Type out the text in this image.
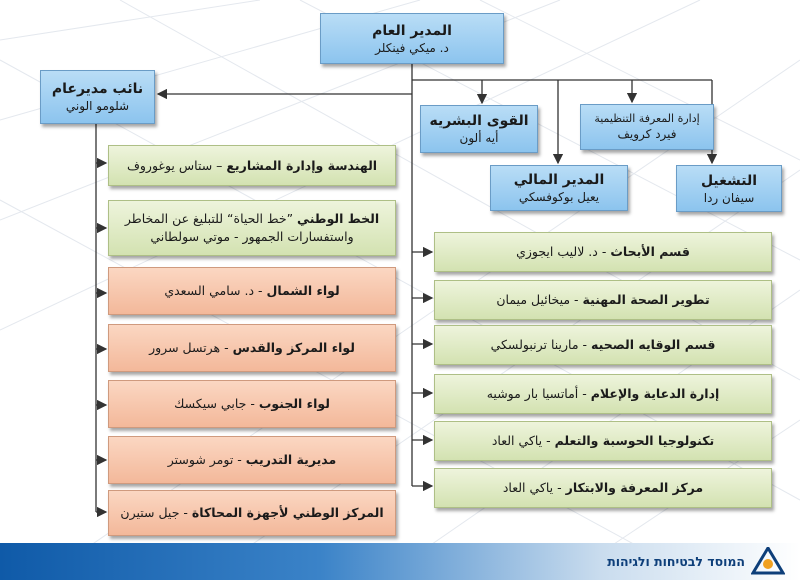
المدير العام
د. ميكي فينكلر
نائب مديرعام
شلومو الوني
القوى البشريه
أيه ألون
إدارة المعرفة التنظيمية
فيرد كرويف
المدير المالي
يعيل بوكوفسكي
التشغيل
سيفان ردا
الهندسة وإدارة المشاريع – ستاس يوغوروف
الخط الوطني ”خط الحياة“ للتبليغ عن المخاطر واستفسارات الجمهور - موتي سولطاني
لواء الشمال - د. سامي السعدي
لواء المركز والقدس - هرتسل سرور
لواء الجنوب - جابي سيكسك
مديرية التدريب - تومر شوستر
المركز الوطني لأجهزة المحاكاة - جيل ستيرن
قسم الأبحاث - د. لاليب ايجوزي
تطوير الصحة المهنية - ميخائيل ميمان
قسم الوقايه الصحيه - مارينا ترنبولسكي
إدارة الدعاية والإعلام - أماتسيا بار موشيه
تكنولوجيا الحوسبة والتعلم - ياكي العاد
مركز المعرفة والابتكار - ياكي العاد
המוסד לבטיחות ולגיהות
